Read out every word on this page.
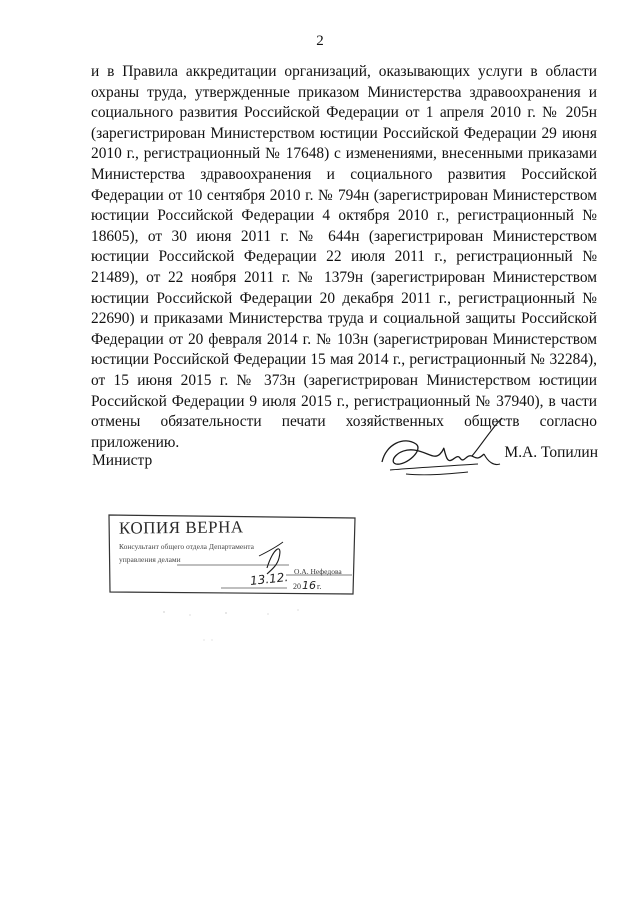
2

и в Правила аккредитации организаций, оказывающих услуги в области охраны труда, утвержденные приказом Министерства здравоохранения и социального развития Российской Федерации от 1 апреля 2010 г. № 205н (зарегистрирован Министерством юстиции Российской Федерации 29 июня 2010 г., регистрационный № 17648) с изменениями, внесенными приказами Министерства здравоохранения и социального развития Российской Федерации от 10 сентября 2010 г. № 794н (зарегистрирован Министерством юстиции Российской Федерации 4 октября 2010 г., регистрационный № 18605), от 30 июня 2011 г. № 644н (зарегистрирован Министерством юстиции Российской Федерации 22 июля 2011 г., регистрационный № 21489), от 22 ноября 2011 г. № 1379н (зарегистрирован Министерством юстиции Российской Федерации 20 декабря 2011 г., регистрационный № 22690) и приказами Министерства труда и социальной защиты Российской Федерации от 20 февраля 2014 г. № 103н (зарегистрирован Министерством юстиции Российской Федерации 15 мая 2014 г., регистрационный № 32284), от 15 июня 2015 г. № 373н (зарегистрирован Министерством юстиции Российской Федерации 9 июля 2015 г., регистрационный № 37940), в части отмены обязательности печати хозяйственных обществ согласно приложению.

Министр	М.А. Топилин
КОПИЯ ВЕРНА
Консультант общего отдела Департамента
управления делами
О.А. Нефедова
13.12. 20 г.
16
